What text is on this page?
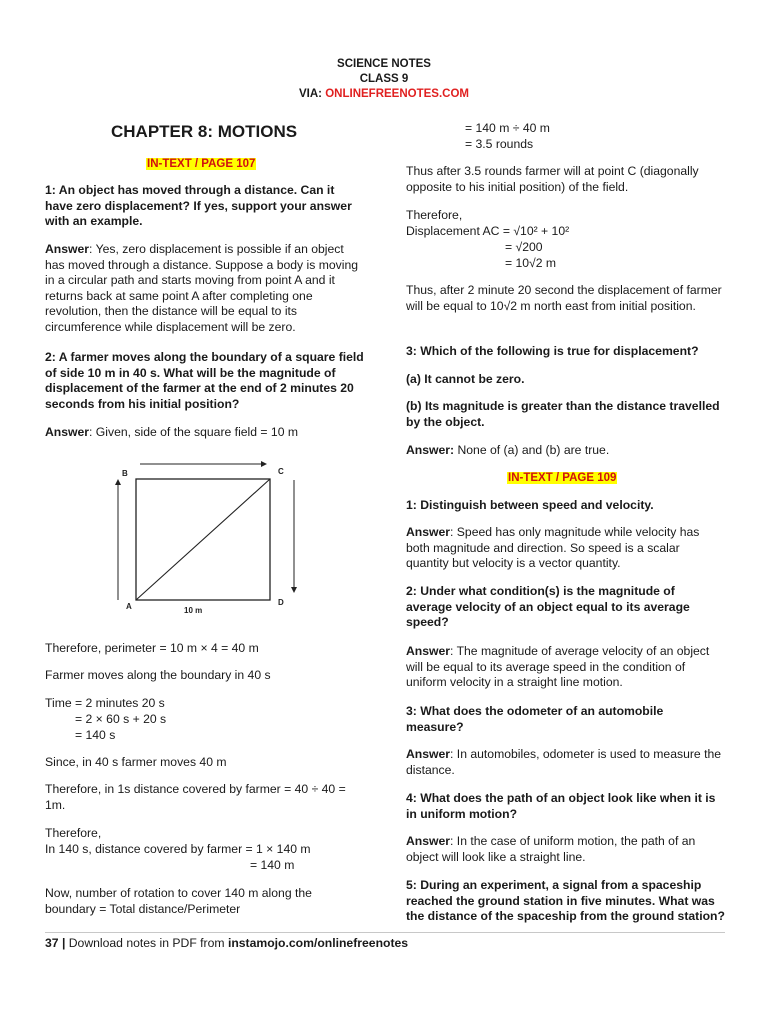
SCIENCE NOTES
CLASS 9
VIA: ONLINEFREENOTES.COM
CHAPTER 8: MOTIONS
IN-TEXT / PAGE 107

1: An object has moved through a distance. Can it have zero displacement? If yes, support your answer with an example.

Answer: Yes, zero displacement is possible if an object has moved through a distance. Suppose a body is moving in a circular path and starts moving from point A and it returns back at same point A after completing one revolution, then the distance will be equal to its circumference while displacement will be zero.

2: A farmer moves along the boundary of a square field of side 10 m in 40 s. What will be the magnitude of displacement of the farmer at the end of 2 minutes 20 seconds from his initial position?

Answer: Given, side of the square field = 10 m

Therefore, perimeter = 10 m × 4 = 40 m

Farmer moves along the boundary in 40 s

Time = 2 minutes 20 s

= 2 × 60 s + 20 s

= 140 s

Since, in 40 s farmer moves 40 m

Therefore, in 1s distance covered by farmer = 40 ÷ 40 = 1m.

Therefore,

In 140 s, distance covered by farmer = 1 × 140 m

= 140 m

Now, number of rotation to cover 140 m along the boundary = Total distance/Perimeter

B	C
A	D
10 m

= 140 m ÷ 40 m

= 3.5 rounds

Thus after 3.5 rounds farmer will at point C (diagonally opposite to his initial position) of the field.

Therefore,

Displacement AC = √10² + 10²

= √200

= 10√2 m

Thus, after 2 minute 20 second the displacement of farmer will be equal to 10√2 m north east from initial position.

3: Which of the following is true for displacement?

(a) It cannot be zero.

(b) Its magnitude is greater than the distance travelled by the object.

Answer: None of (a) and (b) are true.

IN-TEXT / PAGE 109

1: Distinguish between speed and velocity.

Answer: Speed has only magnitude while velocity has both magnitude and direction. So speed is a scalar quantity but velocity is a vector quantity.

2: Under what condition(s) is the magnitude of average velocity of an object equal to its average speed?

Answer: The magnitude of average velocity of an object will be equal to its average speed in the condition of uniform velocity in a straight line motion.

3: What does the odometer of an automobile measure?

Answer: In automobiles, odometer is used to measure the distance.

4: What does the path of an object look like when it is in uniform motion?

Answer: In the case of uniform motion, the path of an object will look like a straight line.

5: During an experiment, a signal from a spaceship reached the ground station in five minutes. What was the distance of the spaceship from the ground station?

37 | Download notes in PDF from instamojo.com/onlinefreenotes
